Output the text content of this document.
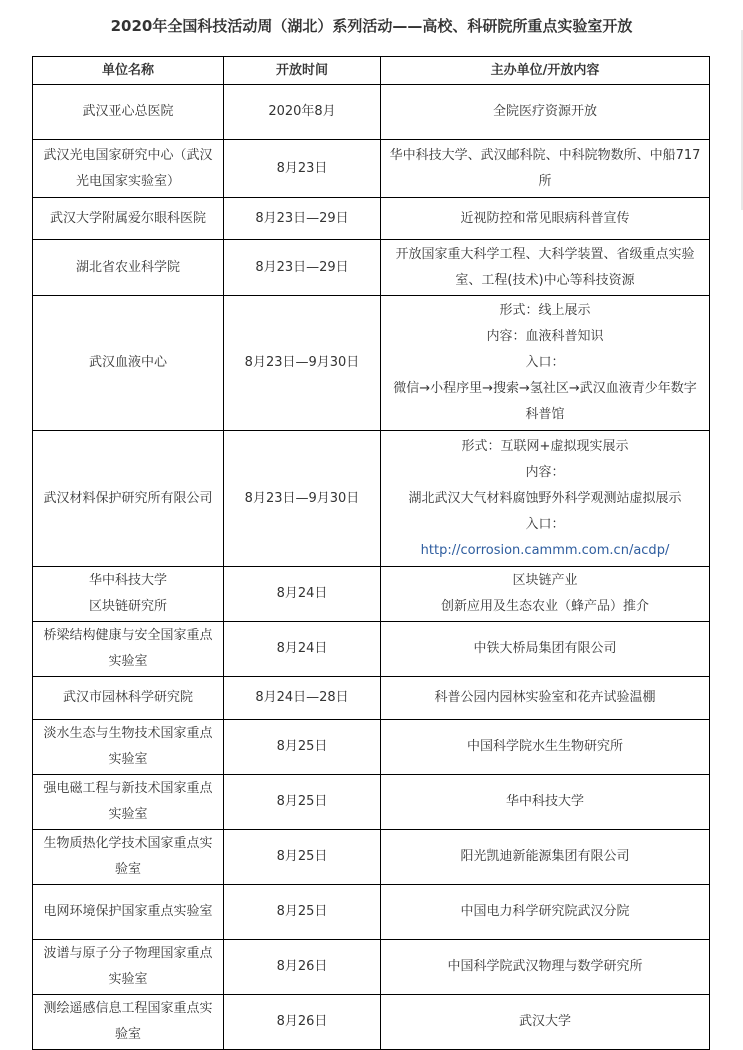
2020年全国科技活动周（湖北）系列活动——高校、科研院所重点实验室开放
单位名称	开放时间	主办单位/开放内容
武汉亚心总医院	2020年8月	全院医疗资源开放

武汉光电国家研究中心（武汉光电国家实验室）	8月23日	华中科技大学、武汉邮科院、中科院物数所、中船717所

武汉大学附属爱尔眼科医院	8月23日—29日	近视防控和常见眼病科普宣传

湖北省农业科学院	8月23日—29日	开放国家重大科学工程、大科学装置、省级重点实验室、工程(技术)中心等科技资源

武汉血液中心	8月23日—9月30日	形式：线上展示
内容：血液科普知识
入口：
微信→小程序里→搜索→氢社区→武汉血液青少年数字科普馆

武汉材料保护研究所有限公司	8月23日—9月30日	形式：互联网+虚拟现实展示
内容：
湖北武汉大气材料腐蚀野外科学观测站虚拟展示
入口：
http://corrosion.cammm.com.cn/acdp/

华中科技大学
区块链研究所	8月24日	区块链产业
创新应用及生态农业（蜂产品）推介

桥梁结构健康与安全国家重点实验室	8月24日	中铁大桥局集团有限公司

武汉市园林科学研究院	8月24日—28日	科普公园内园林实验室和花卉试验温棚

淡水生态与生物技术国家重点实验室	8月25日	中国科学院水生生物研究所

强电磁工程与新技术国家重点实验室	8月25日	华中科技大学

生物质热化学技术国家重点实验室	8月25日	阳光凯迪新能源集团有限公司

电网环境保护国家重点实验室	8月25日	中国电力科学研究院武汉分院

波谱与原子分子物理国家重点实验室	8月26日	中国科学院武汉物理与数学研究所

测绘遥感信息工程国家重点实验室	8月26日	武汉大学
